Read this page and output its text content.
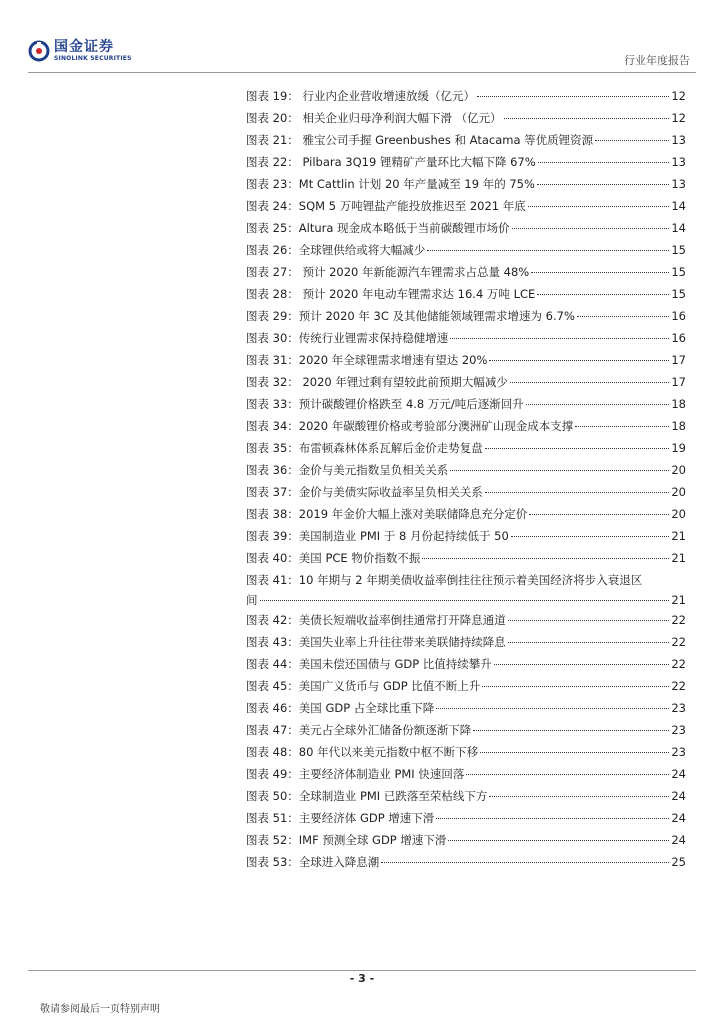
国金证券
SINOLINK SECURITIES	行业年度报告
图表 19： 行业内企业营收增速放缓（亿元）	12
图表 20： 相关企业归母净利润大幅下滑 （亿元）	12
图表 21： 雅宝公司手握 Greenbushes 和 Atacama 等优质锂资源	13
图表 22： Pilbara 3Q19 锂精矿产量环比大幅下降 67%	13
图表 23：Mt Cattlin 计划 20 年产量减至 19 年的 75%	13
图表 24：SQM 5 万吨锂盐产能投放推迟至 2021 年底	14
图表 25：Altura 现金成本略低于当前碳酸锂市场价	14
图表 26：全球锂供给或将大幅减少	15
图表 27： 预计 2020 年新能源汽车锂需求占总量 48%	15
图表 28： 预计 2020 年电动车锂需求达 16.4 万吨 LCE	15
图表 29：预计 2020 年 3C 及其他储能领域锂需求增速为 6.7%	16
图表 30：传统行业锂需求保持稳健增速	16
图表 31：2020 年全球锂需求增速有望达 20%	17
图表 32： 2020 年锂过剩有望较此前预期大幅减少	17
图表 33：预计碳酸锂价格跌至 4.8 万元/吨后逐渐回升	18
图表 34：2020 年碳酸锂价格或考验部分澳洲矿山现金成本支撑	18
图表 35：布雷顿森林体系瓦解后金价走势复盘	19
图表 36：金价与美元指数呈负相关关系	20
图表 37：金价与美债实际收益率呈负相关关系	20
图表 38：2019 年金价大幅上涨对美联储降息充分定价	20
图表 39：美国制造业 PMI 于 8 月份起持续低于 50	21
图表 40：美国 PCE 物价指数不振	21
图表 41：10 年期与 2 年期美债收益率倒挂往往预示着美国经济将步入衰退区
间	21
图表 42：美债长短端收益率倒挂通常打开降息通道	22
图表 43：美国失业率上升往往带来美联储持续降息	22
图表 44：美国未偿还国债与 GDP 比值持续攀升	22
图表 45：美国广义货币与 GDP 比值不断上升	22
图表 46：美国 GDP 占全球比重下降	23
图表 47：美元占全球外汇储备份额逐渐下降	23
图表 48：80 年代以来美元指数中枢不断下移	23
图表 49：主要经济体制造业 PMI 快速回落	24
图表 50：全球制造业 PMI 已跌落至荣枯线下方	24
图表 51：主要经济体 GDP 增速下滑	24
图表 52：IMF 预测全球 GDP 增速下滑	24
图表 53：全球进入降息潮	25
- 3 -
敬请参阅最后一页特别声明
